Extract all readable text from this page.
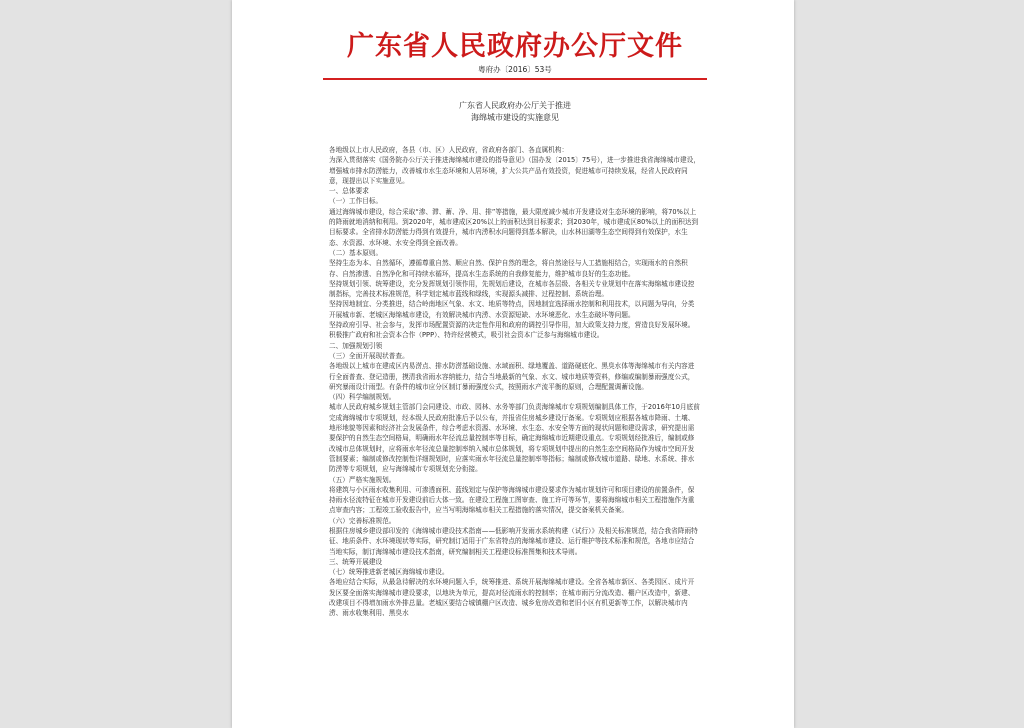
广东省人民政府办公厅文件
粤府办〔2016〕53号
广东省人民政府办公厅关于推进
海绵城市建设的实施意见

各地级以上市人民政府，各县（市、区）人民政府，省政府各部门、各直属机构：

为深入贯彻落实《国务院办公厅关于推进海绵城市建设的指导意见》（国办发〔2015〕75号），进一步推进我省海绵城市建设，增强城市排水防涝能力，改善城市水生态环境和人居环境，扩大公共产品有效投资，促进城市可持续发展，经省人民政府同意，现提出以下实施意见。

一、总体要求

（一）工作目标。

通过海绵城市建设，综合采取“渗、滞、蓄、净、用、排”等措施，最大限度减少城市开发建设对生态环境的影响，将70%以上的降雨就地消纳和利用。到2020年，城市建成区20%以上的面积达到目标要求；到2030年，城市建成区80%以上的面积达到目标要求。全省排水防涝能力得到有效提升，城市内涝积水问题得到基本解决，山水林田湖等生态空间得到有效保护，水生态、水资源、水环境、水安全得到全面改善。

（二）基本原则。

坚持生态为本、自然循环，遵循尊重自然、顺应自然、保护自然的理念，将自然途径与人工措施相结合，实现雨水的自然积存、自然渗透、自然净化和可持续水循环，提高水生态系统的自我修复能力，维护城市良好的生态功能。

坚持规划引领、统筹建设，充分发挥规划引领作用，先规划后建设，在城市各层级、各相关专业规划中在落实海绵城市建设控制指标，完善技术标准规范，科学划定城市蓝线和绿线，实现源头减排、过程控制、系统治理。

坚持因地制宜、分类推进，结合岭南地区气象、水文、地质等特点，因地制宜选择雨水控制和利用技术，以问题为导向，分类开展城市新、老城区海绵城市建设，有效解决城市内涝、水资源短缺、水环境恶化、水生态破坏等问题。

坚持政府引导、社会参与，发挥市场配置资源的决定性作用和政府的调控引导作用，加大政策支持力度，营造良好发展环境。积极推广政府和社会资本合作（PPP）、特许经营模式，吸引社会资本广泛参与海绵城市建设。

二、加强规划引领

（三）全面开展现状普查。

各地级以上城市在建成区内易涝点、排水防涝基础设施、水域面积、绿地覆盖、道路硬底化、黑臭水体等海绵城市有关内容进行全面普查、登记造册，摸清我省雨水容纳能力，结合当地最新的气象、水文、城市地质等资料，修编或编制暴雨强度公式，研究暴雨设计雨型。有条件的城市应分区制订暴雨强度公式，按照雨水产流平衡的原则，合理配置调蓄设施。

（四）科学编制规划。

城市人民政府城乡规划主管部门会同建设、市政、园林、水务等部门负责海绵城市专项规划编制具体工作，于2016年10月底前完成海绵城市专项规划，经本级人民政府批准后予以公布，并报省住房城乡建设厅备案。专项规划应根据各城市降雨、土壤、地形地貌等因素和经济社会发展条件，综合考虑水资源、水环境、水生态、水安全等方面的现状问题和建设需求，研究提出需要保护的自然生态空间格局，明确雨水年径流总量控制率等目标，确定海绵城市近期建设重点。专项规划经批准后，编制或修改城市总体规划时，应将雨水年径流总量控制率纳入城市总体规划，将专项规划中提出的自然生态空间格局作为城市空间开发管制要素；编制或修改控制性详细规划时，应落实雨水年径流总量控制率等指标；编制或修改城市道路、绿地、水系统、排水防涝等专项规划，应与海绵城市专项规划充分衔接。

（五）严格实施规划。

将建筑与小区雨水收集利用、可渗透面积、蓝线划定与保护等海绵城市建设要求作为城市规划许可和项目建设的前置条件，保持雨水径流特征在城市开发建设前后大体一致。在建设工程施工图审查、施工许可等环节，要将海绵城市相关工程措施作为重点审查内容；工程竣工验收报告中，应当写明海绵城市相关工程措施的落实情况，提交备案机关备案。

（六）完善标准规范。

根据住房城乡建设部印发的《海绵城市建设技术指南——低影响开发雨水系统构建（试行）》及相关标准规范，结合我省降雨特征、地质条件、水环境现状等实际，研究制订适用于广东省特点的海绵城市建设、运行维护等技术标准和规范，各地市应结合当地实际，制订海绵城市建设技术指南，研究编制相关工程建设标准图集和技术导则。

三、统筹开展建设

（七）统筹推进新老城区海绵城市建设。

各地应结合实际，从最急待解决的水环境问题入手，统筹推进、系统开展海绵城市建设。全省各城市新区、各类园区、成片开发区要全面落实海绵城市建设要求，以地块为单元，提高对径流雨水的控制率；在城市雨污分流改造、棚户区改造中，新建、改建项目不得增加雨水外排总量。老城区要结合城镇棚户区改造、城乡危房改造和老旧小区有机更新等工作，以解决城市内涝、雨水收集利用、黑臭水
